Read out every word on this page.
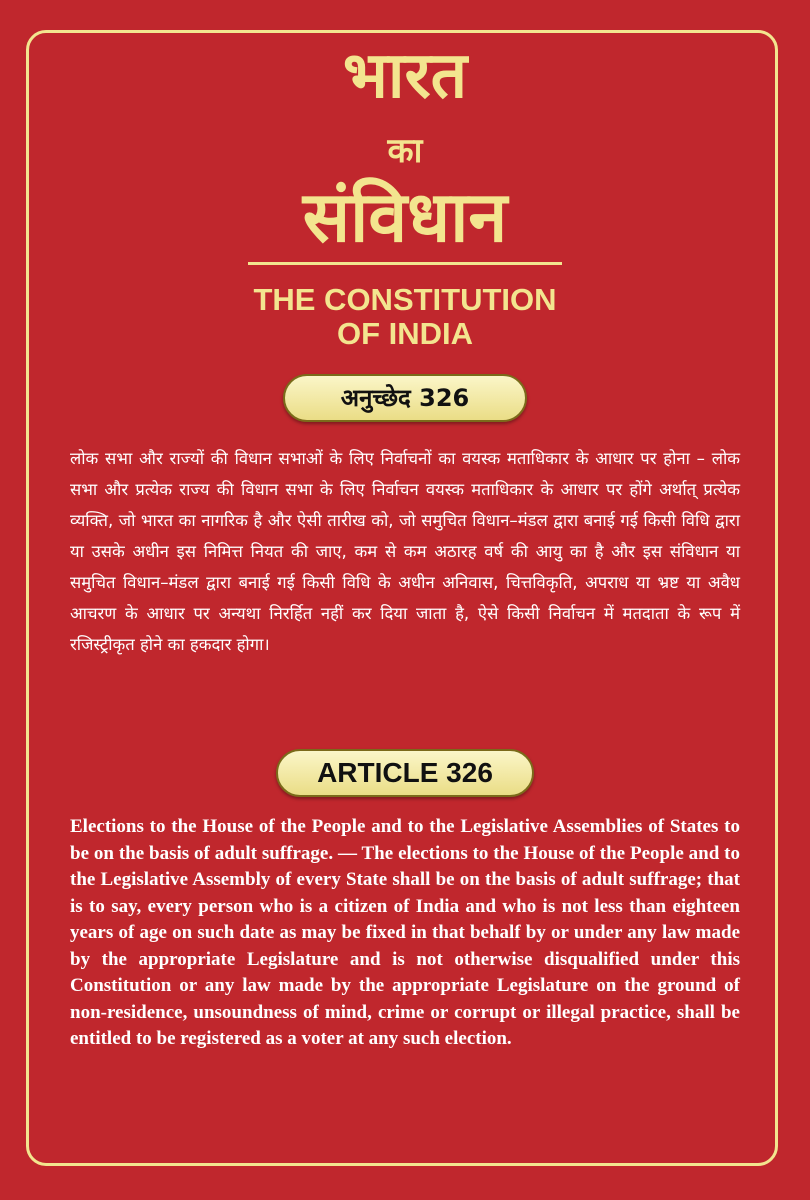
भारत
का
संविधान
THE CONSTITUTION
OF INDIA
अनुच्छेद 326

लोक सभा और राज्यों की विधान सभाओं के लिए निर्वाचनों का वयस्क मताधिकार के आधार पर होना – लोक सभा और प्रत्येक राज्य की विधान सभा के लिए निर्वाचन वयस्क मताधिकार के आधार पर होंगे अर्थात् प्रत्येक व्यक्ति, जो भारत का नागरिक है और ऐसी तारीख को, जो समुचित विधान–मंडल द्वारा बनाई गई किसी विधि द्वारा या उसके अधीन इस निमित्त नियत की जाए, कम से कम अठारह वर्ष की आयु का है और इस संविधान या समुचित विधान–मंडल द्वारा बनाई गई किसी विधि के अधीन अनिवास, चित्तविकृति, अपराध या भ्रष्ट या अवैध आचरण के आधार पर अन्यथा निरर्हित नहीं कर दिया जाता है, ऐसे किसी निर्वाचन में मतदाता के रूप में रजिस्ट्रीकृत होने का हकदार होगा।

ARTICLE 326

Elections to the House of the People and to the Legislative Assemblies of States to be on the basis of adult suffrage. — The elections to the House of the People and to the Legislative Assembly of every State shall be on the basis of adult suffrage; that is to say, every person who is a citizen of India and who is not less than eighteen years of age on such date as may be fixed in that behalf by or under any law made by the appropriate Legislature and is not otherwise disqualified under this Constitution or any law made by the appropriate Legislature on the ground of non-residence, unsoundness of mind, crime or corrupt or illegal practice, shall be entitled to be registered as a voter at any such election.
